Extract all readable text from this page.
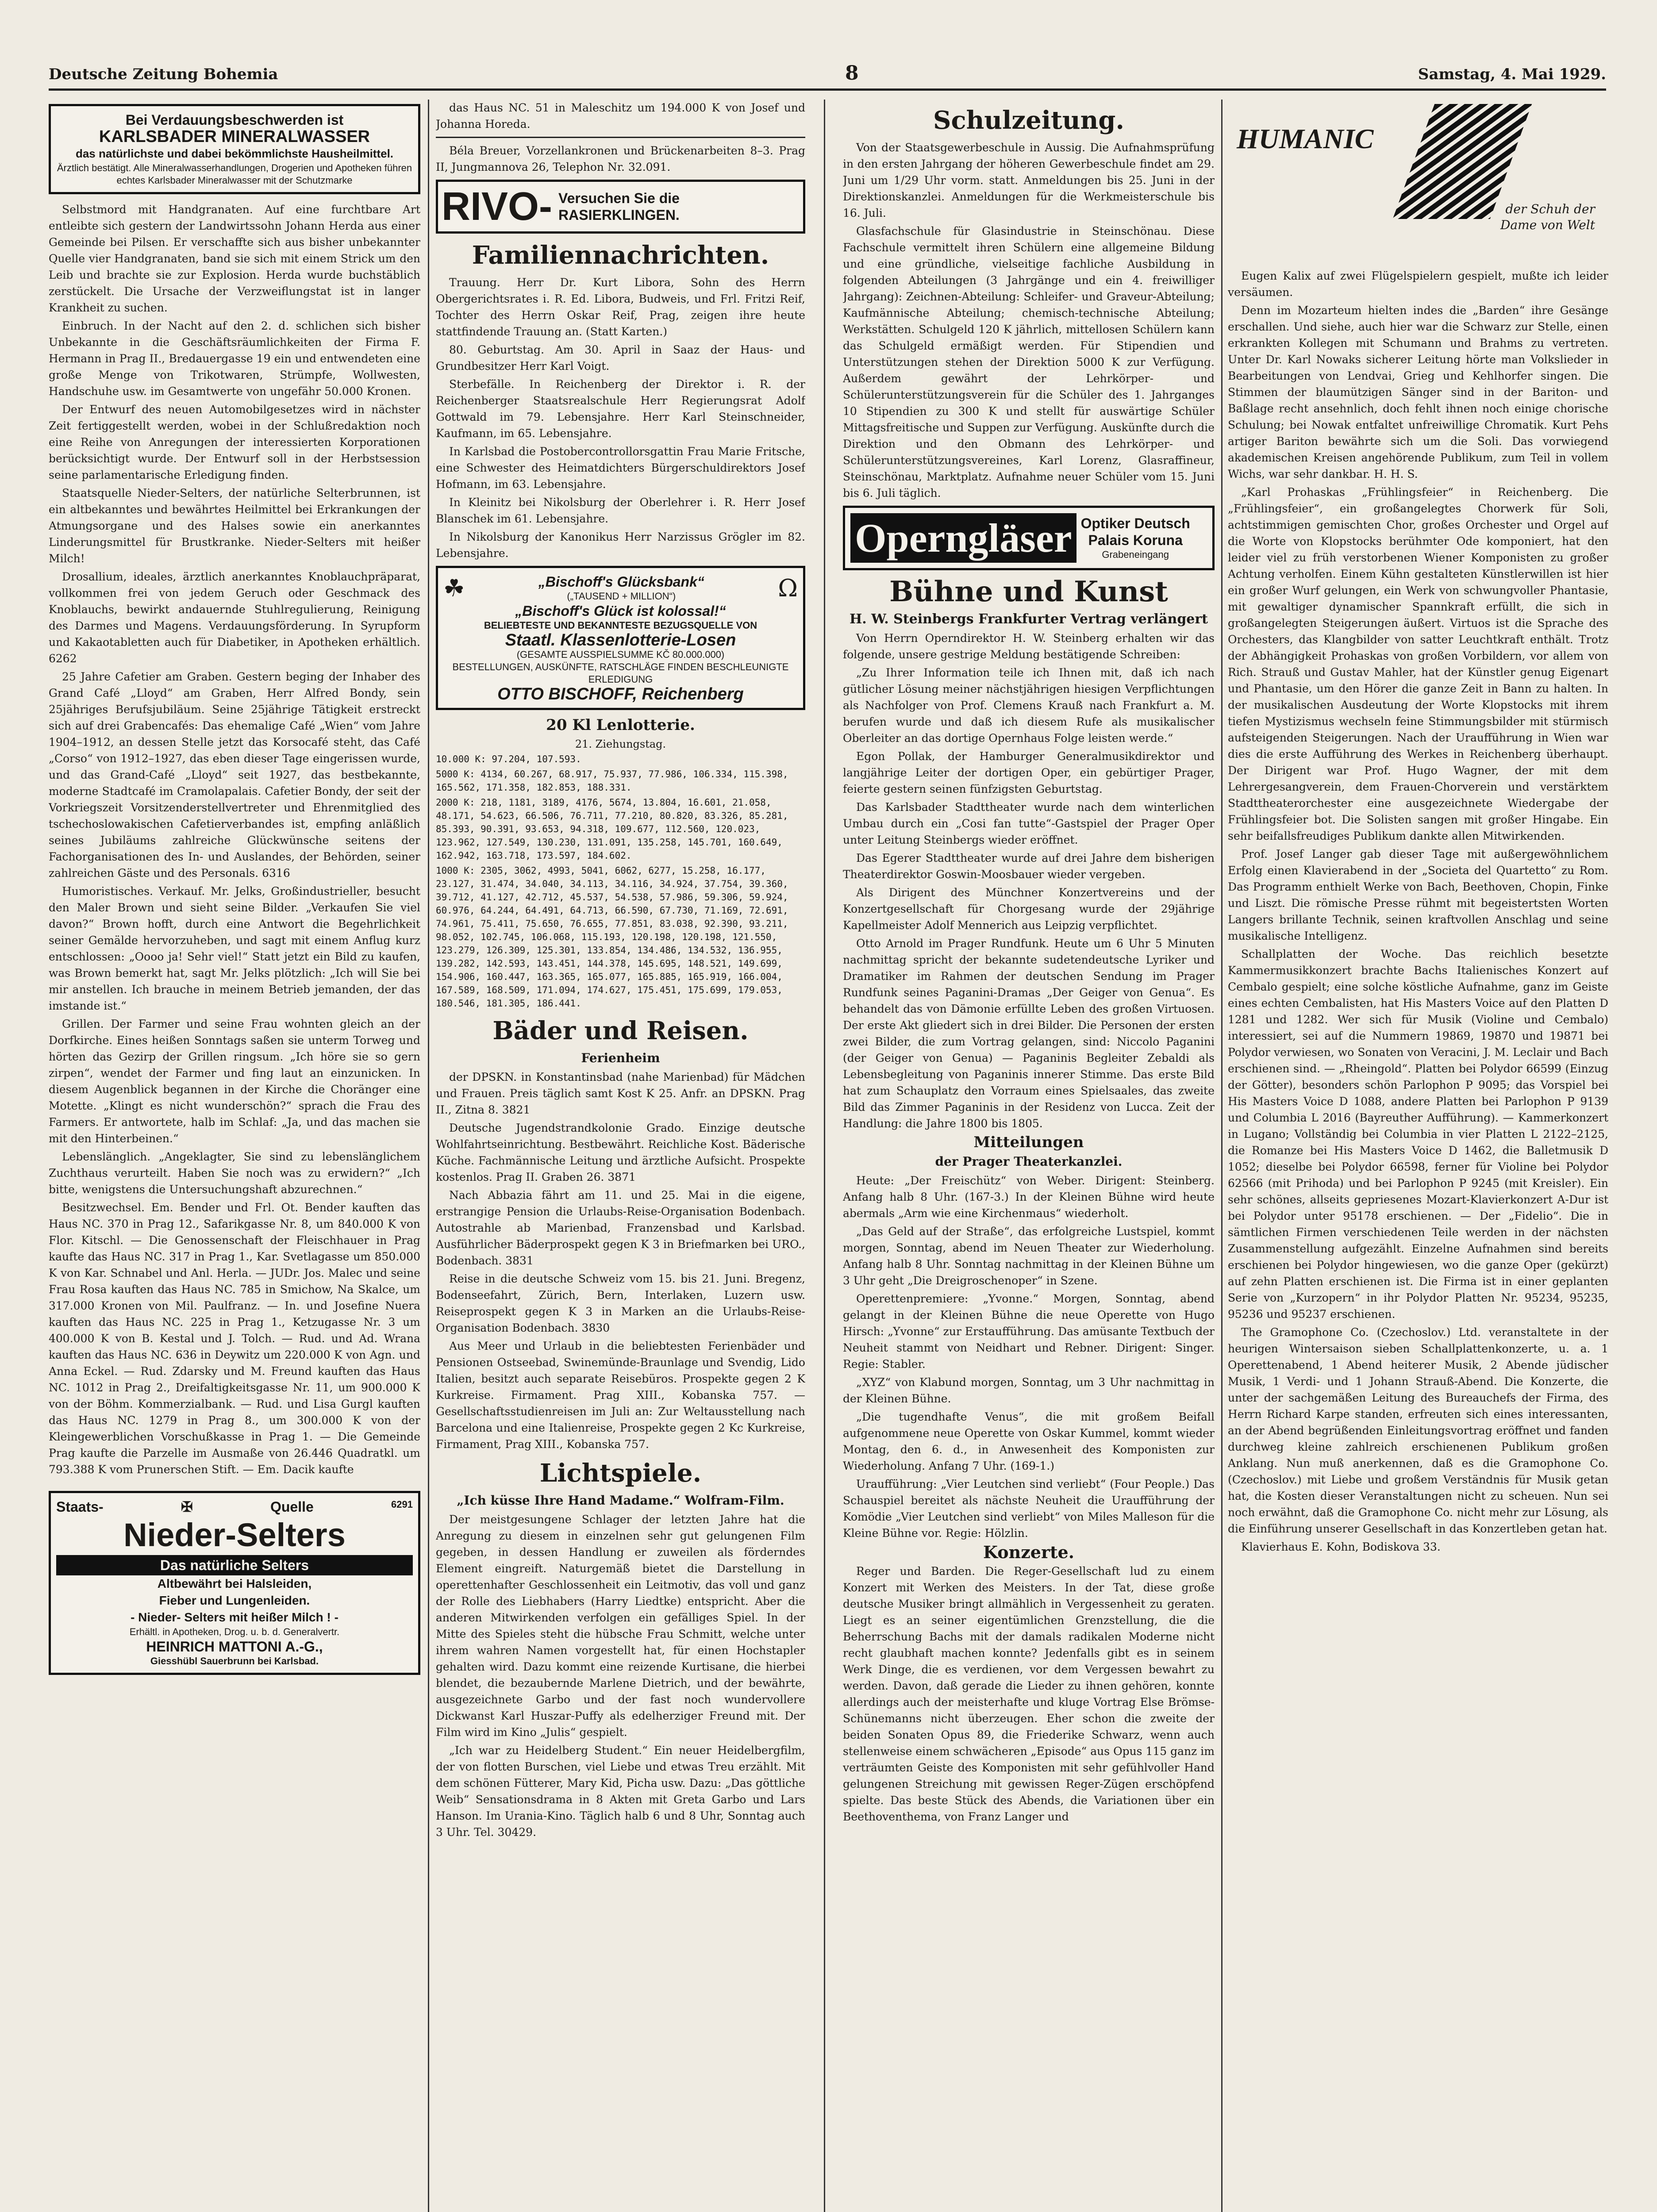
Deutsche Zeitung Bohemia	8	Samstag, 4. Mai 1929.
Bei Verdauungsbeschwerden ist
KARLSBADER MINERALWASSER
das natürlichste und dabei bekömmlichste Hausheilmittel.
Ärztlich bestätigt. Alle Mineralwasserhandlungen, Drogerien und Apotheken führen echtes Karlsbader Mineralwasser mit der Schutzmarke

Selbstmord mit Handgranaten. Auf eine furchtbare Art entleibte sich gestern der Landwirtssohn Johann Herda aus einer Gemeinde bei Pilsen. Er verschaffte sich aus bisher unbekannter Quelle vier Handgranaten, band sie sich mit einem Strick um den Leib und brachte sie zur Explosion. Herda wurde buchstäblich zerstückelt. Die Ursache der Verzweiflungstat ist in langer Krankheit zu suchen.

Einbruch. In der Nacht auf den 2. d. schlichen sich bisher Unbekannte in die Geschäftsräumlichkeiten der Firma F. Hermann in Prag II., Bredauergasse 19 ein und entwendeten eine große Menge von Trikotwaren, Strümpfe, Wollwesten, Handschuhe usw. im Gesamtwerte von ungefähr 50.000 Kronen.

Der Entwurf des neuen Automobilgesetzes wird in nächster Zeit fertiggestellt werden, wobei in der Schlußredaktion noch eine Reihe von Anregungen der interessierten Korporationen berücksichtigt wurde. Der Entwurf soll in der Herbstsession seine parlamentarische Erledigung finden.

Staatsquelle Nieder-Selters, der natürliche Selterbrunnen, ist ein altbekanntes und bewährtes Heilmittel bei Erkrankungen der Atmungsorgane und des Halses sowie ein anerkanntes Linderungsmittel für Brustkranke. Nieder-Selters mit heißer Milch!

Drosallium, ideales, ärztlich anerkanntes Knoblauchpräparat, vollkommen frei von jedem Geruch oder Geschmack des Knoblauchs, bewirkt andauernde Stuhlregulierung, Reinigung des Darmes und Magens. Verdauungsförderung. In Syrupform und Kakaotabletten auch für Diabetiker, in Apotheken erhältlich. 6262

25 Jahre Cafetier am Graben. Gestern beging der Inhaber des Grand Café „Lloyd“ am Graben, Herr Alfred Bondy, sein 25jähriges Berufsjubiläum. Seine 25jährige Tätigkeit erstreckt sich auf drei Grabencafés: Das ehemalige Café „Wien“ vom Jahre 1904–1912, an dessen Stelle jetzt das Korsocafé steht, das Café „Corso“ von 1912–1927, das eben dieser Tage eingerissen wurde, und das Grand-Café „Lloyd“ seit 1927, das bestbekannte, moderne Stadtcafé im Cramolapalais. Cafetier Bondy, der seit der Vorkriegszeit Vorsitzenderstellvertreter und Ehrenmitglied des tschechoslowakischen Cafetierverbandes ist, empfing anläßlich seines Jubiläums zahlreiche Glückwünsche seitens der Fachorganisationen des In- und Auslandes, der Behörden, seiner zahlreichen Gäste und des Personals. 6316

Humoristisches. Verkauf. Mr. Jelks, Großindustrieller, besucht den Maler Brown und sieht seine Bilder. „Verkaufen Sie viel davon?“ Brown hofft, durch eine Antwort die Begehrlichkeit seiner Gemälde hervorzuheben, und sagt mit einem Anflug kurz entschlossen: „Oooo ja! Sehr viel!“ Statt jetzt ein Bild zu kaufen, was Brown bemerkt hat, sagt Mr. Jelks plötzlich: „Ich will Sie bei mir anstellen. Ich brauche in meinem Betrieb jemanden, der das imstande ist.“

Grillen. Der Farmer und seine Frau wohnten gleich an der Dorfkirche. Eines heißen Sonntags saßen sie unterm Torweg und hörten das Gezirp der Grillen ringsum. „Ich höre sie so gern zirpen“, wendet der Farmer und fing laut an einzunicken. In diesem Augenblick begannen in der Kirche die Choränger eine Motette. „Klingt es nicht wunderschön?“ sprach die Frau des Farmers. Er antwortete, halb im Schlaf: „Ja, und das machen sie mit den Hinterbeinen.“

Lebenslänglich. „Angeklagter, Sie sind zu lebenslänglichem Zuchthaus verurteilt. Haben Sie noch was zu erwidern?“ „Ich bitte, wenigstens die Untersuchungshaft abzurechnen.“

Besitzwechsel. Em. Bender und Frl. Ot. Bender kauften das Haus NC. 370 in Prag 12., Safarikgasse Nr. 8, um 840.000 K von Flor. Kitschl. — Die Genossenschaft der Fleischhauer in Prag kaufte das Haus NC. 317 in Prag 1., Kar. Svetlagasse um 850.000 K von Kar. Schnabel und Anl. Herla. — JUDr. Jos. Malec und seine Frau Rosa kauften das Haus NC. 785 in Smichow, Na Skalce, um 317.000 Kronen von Mil. Paulfranz. — In. und Josefine Nuera kauften das Haus NC. 225 in Prag 1., Ketzugasse Nr. 3 um 400.000 K von B. Kestal und J. Tolch. — Rud. und Ad. Wrana kauften das Haus NC. 636 in Deywitz um 220.000 K von Agn. und Anna Eckel. — Rud. Zdarsky und M. Freund kauften das Haus NC. 1012 in Prag 2., Dreifaltigkeitsgasse Nr. 11, um 900.000 K von der Böhm. Kommerzialbank. — Rud. und Lisa Gurgl kauften das Haus NC. 1279 in Prag 8., um 300.000 K von der Kleingewerblichen Vorschußkasse in Prag 1. — Die Gemeinde Prag kaufte die Parzelle im Ausmaße von 26.446 Quadratkl. um 793.388 K vom Prunerschen Stift. — Em. Dacik kaufte

Staats-	✠	Quelle	6291
Nieder-Selters
Das natürliche Selters
Altbewährt bei Halsleiden,
Fieber und Lungenleiden.
- Nieder- Selters mit heißer Milch ! -
Erhältl. in Apotheken, Drog. u. b. d. Generalvertr.
HEINRICH MATTONI A.-G.,
Giesshübl Sauerbrunn bei Karlsbad.

das Haus NC. 51 in Maleschitz um 194.000 K von Josef und Johanna Horeda.

Béla Breuer, Vorzellankronen und Brückenarbeiten 8–3. Prag II, Jungmannova 26, Telephon Nr. 32.091.

RIVO- Versuchen Sie die
RASIERKLINGEN.
Familiennachrichten.

Trauung. Herr Dr. Kurt Libora, Sohn des Herrn Obergerichtsrates i. R. Ed. Libora, Budweis, und Frl. Fritzi Reif, Tochter des Herrn Oskar Reif, Prag, zeigen ihre heute stattfindende Trauung an. (Statt Karten.)

80. Geburtstag. Am 30. April in Saaz der Haus- und Grundbesitzer Herr Karl Voigt.

Sterbefälle. In Reichenberg der Direktor i. R. der Reichenberger Staatsrealschule Herr Regierungsrat Adolf Gottwald im 79. Lebensjahre. Herr Karl Steinschneider, Kaufmann, im 65. Lebensjahre.

In Karlsbad die Postobercontrollorsgattin Frau Marie Fritsche, eine Schwester des Heimatdichters Bürgerschuldirektors Josef Hofmann, im 63. Lebensjahre.

In Kleinitz bei Nikolsburg der Oberlehrer i. R. Herr Josef Blanschek im 61. Lebensjahre.

In Nikolsburg der Kanonikus Herr Narzissus Grögler im 82. Lebensjahre.

☘	„Bischoff's Glücksbank“
(„TAUSEND + MILLION“)	Ω
„Bischoff's Glück ist kolossal!“
BELIEBTESTE UND BEKANNTESTE BEZUGSQUELLE VON
Staatl. Klassenlotterie-Losen
(GESAMTE AUSSPIELSUMME KČ 80.000.000)
BESTELLUNGEN, AUSKÜNFTE, RATSCHLÄGE FINDEN BESCHLEUNIGTE ERLEDIGUNG
OTTO BISCHOFF, Reichenberg
20 Kl Lenlotterie.
21. Ziehungstag.
10.000 K: 97.204, 107.593.
5000 K: 4134, 60.267, 68.917, 75.937, 77.986, 106.334, 115.398, 165.562, 171.358, 182.853, 188.331.
2000 K: 218, 1181, 3189, 4176, 5674, 13.804, 16.601, 21.058, 48.171, 54.623, 66.506, 76.711, 77.210, 80.820, 83.326, 85.281, 85.393, 90.391, 93.653, 94.318, 109.677, 112.560, 120.023, 123.962, 127.549, 130.230, 131.091, 135.258, 145.701, 160.649, 162.942, 163.718, 173.597, 184.602.
1000 K: 2305, 3062, 4993, 5041, 6062, 6277, 15.258, 16.177, 23.127, 31.474, 34.040, 34.113, 34.116, 34.924, 37.754, 39.360, 39.712, 41.127, 42.712, 45.537, 54.538, 57.986, 59.306, 59.924, 60.976, 64.244, 64.491, 64.713, 66.590, 67.730, 71.169, 72.691, 74.961, 75.411, 75.650, 76.655, 77.851, 83.038, 92.390, 93.211, 98.052, 102.745, 106.068, 115.193, 120.198, 120.198, 121.550, 123.279, 126.309, 125.301, 133.854, 134.486, 134.532, 136.955, 139.282, 142.593, 143.451, 144.378, 145.695, 148.521, 149.699, 154.906, 160.447, 163.365, 165.077, 165.885, 165.919, 166.004, 167.589, 168.509, 171.094, 174.627, 175.451, 175.699, 179.053, 180.546, 181.305, 186.441.
Bäder und Reisen.
Ferienheim

der DPSKN. in Konstantinsbad (nahe Marienbad) für Mädchen und Frauen. Preis täglich samt Kost K 25. Anfr. an DPSKN. Prag II., Zitna 8. 3821

Deutsche Jugendstrandkolonie Grado. Einzige deutsche Wohlfahrtseinrichtung. Bestbewährt. Reichliche Kost. Bäderische Küche. Fachmännische Leitung und ärztliche Aufsicht. Prospekte kostenlos. Prag II. Graben 26. 3871

Nach Abbazia fährt am 11. und 25. Mai in die eigene, erstrangige Pension die Urlaubs-Reise-Organisation Bodenbach. Autostrahle ab Marienbad, Franzensbad und Karlsbad. Ausführlicher Bäderprospekt gegen K 3 in Briefmarken bei URO., Bodenbach. 3831

Reise in die deutsche Schweiz vom 15. bis 21. Juni. Bregenz, Bodenseefahrt, Zürich, Bern, Interlaken, Luzern usw. Reiseprospekt gegen K 3 in Marken an die Urlaubs-Reise-Organisation Bodenbach. 3830

Aus Meer und Urlaub in die beliebtesten Ferienbäder und Pensionen Ostseebad, Swinemünde-Braunlage und Svendig, Lido Italien, besitzt auch separate Reisebüros. Prospekte gegen 2 K Kurkreise. Firmament. Prag XIII., Kobanska 757. — Gesellschaftsstudienreisen im Juli an: Zur Weltausstellung nach Barcelona und eine Italienreise, Prospekte gegen 2 Kc Kurkreise, Firmament, Prag XIII., Kobanska 757.

Lichtspiele.
„Ich küsse Ihre Hand Madame.“ Wolfram-Film.

Der meistgesungene Schlager der letzten Jahre hat die Anregung zu diesem in einzelnen sehr gut gelungenen Film gegeben, in dessen Handlung er zuweilen als förderndes Element eingreift. Naturgemäß bietet die Darstellung in operettenhafter Geschlossenheit ein Leitmotiv, das voll und ganz der Rolle des Liebhabers (Harry Liedtke) entspricht. Aber die anderen Mitwirkenden verfolgen ein gefälliges Spiel. In der Mitte des Spieles steht die hübsche Frau Schmitt, welche unter ihrem wahren Namen vorgestellt hat, für einen Hochstapler gehalten wird. Dazu kommt eine reizende Kurtisane, die hierbei blendet, die bezaubernde Marlene Dietrich, und der bewährte, ausgezeichnete Garbo und der fast noch wundervollere Dickwanst Karl Huszar-Puffy als edelherziger Freund mit. Der Film wird im Kino „Julis“ gespielt.

„Ich war zu Heidelberg Student.“ Ein neuer Heidelbergfilm, der von flotten Burschen, viel Liebe und etwas Treu erzählt. Mit dem schönen Fütterer, Mary Kid, Picha usw. Dazu: „Das göttliche Weib“ Sensationsdrama in 8 Akten mit Greta Garbo und Lars Hanson. Im Urania-Kino. Täglich halb 6 und 8 Uhr, Sonntag auch 3 Uhr. Tel. 30429.

Schulzeitung.

Von der Staatsgewerbeschule in Aussig. Die Aufnahmsprüfung in den ersten Jahrgang der höheren Gewerbeschule findet am 29. Juni um 1/29 Uhr vorm. statt. Anmeldungen bis 25. Juni in der Direktionskanzlei. Anmeldungen für die Werkmeisterschule bis 16. Juli.

Glasfachschule für Glasindustrie in Steinschönau. Diese Fachschule vermittelt ihren Schülern eine allgemeine Bildung und eine gründliche, vielseitige fachliche Ausbildung in folgenden Abteilungen (3 Jahrgänge und ein 4. freiwilliger Jahrgang): Zeichnen-Abteilung: Schleifer- und Graveur-Abteilung; Kaufmännische Abteilung; chemisch-technische Abteilung; Werkstätten. Schulgeld 120 K jährlich, mittellosen Schülern kann das Schulgeld ermäßigt werden. Für Stipendien und Unterstützungen stehen der Direktion 5000 K zur Verfügung. Außerdem gewährt der Lehrkörper- und Schülerunterstützungsverein für die Schüler des 1. Jahrganges 10 Stipendien zu 300 K und stellt für auswärtige Schüler Mittagsfreitische und Suppen zur Verfügung. Auskünfte durch die Direktion und den Obmann des Lehrkörper- und Schülerunterstützungsvereines, Karl Lorenz, Glasraffineur, Steinschönau, Marktplatz. Aufnahme neuer Schüler vom 15. Juni bis 6. Juli täglich.

Operngläser Optiker Deutsch
Palais Koruna
Grabeneingang
Bühne und Kunst
H. W. Steinbergs Frankfurter Vertrag verlängert

Von Herrn Operndirektor H. W. Steinberg erhalten wir das folgende, unsere gestrige Meldung bestätigende Schreiben:

„Zu Ihrer Information teile ich Ihnen mit, daß ich nach gütlicher Lösung meiner nächstjährigen hiesigen Verpflichtungen als Nachfolger von Prof. Clemens Krauß nach Frankfurt a. M. berufen wurde und daß ich diesem Rufe als musikalischer Oberleiter an das dortige Opernhaus Folge leisten werde.“

Egon Pollak, der Hamburger Generalmusikdirektor und langjährige Leiter der dortigen Oper, ein gebürtiger Prager, feierte gestern seinen fünfzigsten Geburtstag.

Das Karlsbader Stadttheater wurde nach dem winterlichen Umbau durch ein „Cosi fan tutte“-Gastspiel der Prager Oper unter Leitung Steinbergs wieder eröffnet.

Das Egerer Stadttheater wurde auf drei Jahre dem bisherigen Theaterdirektor Goswin-Moosbauer wieder vergeben.

Als Dirigent des Münchner Konzertvereins und der Konzertgesellschaft für Chorgesang wurde der 29jährige Kapellmeister Adolf Mennerich aus Leipzig verpflichtet.

Otto Arnold im Prager Rundfunk. Heute um 6 Uhr 5 Minuten nachmittag spricht der bekannte sudetendeutsche Lyriker und Dramatiker im Rahmen der deutschen Sendung im Prager Rundfunk seines Paganini-Dramas „Der Geiger von Genua“. Es behandelt das von Dämonie erfüllte Leben des großen Virtuosen. Der erste Akt gliedert sich in drei Bilder. Die Personen der ersten zwei Bilder, die zum Vortrag gelangen, sind: Niccolo Paganini (der Geiger von Genua) — Paganinis Begleiter Zebaldi als Lebensbegleitung von Paganinis innerer Stimme. Das erste Bild hat zum Schauplatz den Vorraum eines Spielsaales, das zweite Bild das Zimmer Paganinis in der Residenz von Lucca. Zeit der Handlung: die Jahre 1800 bis 1805.

Mitteilungen
der Prager Theaterkanzlei.

Heute: „Der Freischütz“ von Weber. Dirigent: Steinberg. Anfang halb 8 Uhr. (167-3.) In der Kleinen Bühne wird heute abermals „Arm wie eine Kirchenmaus“ wiederholt.

„Das Geld auf der Straße“, das erfolgreiche Lustspiel, kommt morgen, Sonntag, abend im Neuen Theater zur Wiederholung. Anfang halb 8 Uhr. Sonntag nachmittag in der Kleinen Bühne um 3 Uhr geht „Die Dreigroschenoper“ in Szene.

Operettenpremiere: „Yvonne.“ Morgen, Sonntag, abend gelangt in der Kleinen Bühne die neue Operette von Hugo Hirsch: „Yvonne“ zur Erstaufführung. Das amüsante Textbuch der Neuheit stammt von Neidhart und Rebner. Dirigent: Singer. Regie: Stabler.

„XYZ“ von Klabund morgen, Sonntag, um 3 Uhr nachmittag in der Kleinen Bühne.

„Die tugendhafte Venus“, die mit großem Beifall aufgenommene neue Operette von Oskar Kummel, kommt wieder Montag, den 6. d., in Anwesenheit des Komponisten zur Wiederholung. Anfang 7 Uhr. (169-1.)

Uraufführung: „Vier Leutchen sind verliebt“ (Four People.) Das Schauspiel bereitet als nächste Neuheit die Uraufführung der Komödie „Vier Leutchen sind verliebt“ von Miles Malleson für die Kleine Bühne vor. Regie: Hölzlin.

Konzerte.

Reger und Barden. Die Reger-Gesellschaft lud zu einem Konzert mit Werken des Meisters. In der Tat, diese große deutsche Musiker bringt allmählich in Vergessenheit zu geraten. Liegt es an seiner eigentümlichen Grenzstellung, die die Beherrschung Bachs mit der damals radikalen Moderne nicht recht glaubhaft machen konnte? Jedenfalls gibt es in seinem Werk Dinge, die es verdienen, vor dem Vergessen bewahrt zu werden. Davon, daß gerade die Lieder zu ihnen gehören, konnte allerdings auch der meisterhafte und kluge Vortrag Else Brömse-Schünemanns nicht überzeugen. Eher schon die zweite der beiden Sonaten Opus 89, die Friederike Schwarz, wenn auch stellenweise einem schwächeren „Episode“ aus Opus 115 ganz im verträumten Geiste des Komponisten mit sehr gefühlvoller Hand gelungenen Streichung mit gewissen Reger-Zügen erschöpfend spielte. Das beste Stück des Abends, die Variationen über ein Beethoventhema, von Franz Langer und

HUMANIC
der Schuh der
Dame von Welt

Eugen Kalix auf zwei Flügelspielern gespielt, mußte ich leider versäumen.

Denn im Mozarteum hielten indes die „Barden“ ihre Gesänge erschallen. Und siehe, auch hier war die Schwarz zur Stelle, einen erkrankten Kollegen mit Schumann und Brahms zu vertreten. Unter Dr. Karl Nowaks sicherer Leitung hörte man Volkslieder in Bearbeitungen von Lendvai, Grieg und Kehlhorfer singen. Die Stimmen der blaumützigen Sänger sind in der Bariton- und Baßlage recht ansehnlich, doch fehlt ihnen noch einige chorische Schulung; bei Nowak entfaltet unfreiwillige Chromatik. Kurt Pehs artiger Bariton bewährte sich um die Soli. Das vorwiegend akademischen Kreisen angehörende Publikum, zum Teil in vollem Wichs, war sehr dankbar. H. H. S.

„Karl Prohaskas „Frühlingsfeier“ in Reichenberg. Die „Frühlingsfeier“, ein großangelegtes Chorwerk für Soli, achtstimmigen gemischten Chor, großes Orchester und Orgel auf die Worte von Klopstocks berühmter Ode komponiert, hat den leider viel zu früh verstorbenen Wiener Komponisten zu großer Achtung verholfen. Einem Kühn gestalteten Künstlerwillen ist hier ein großer Wurf gelungen, ein Werk von schwungvoller Phantasie, mit gewaltiger dynamischer Spannkraft erfüllt, die sich in großangelegten Steigerungen äußert. Virtuos ist die Sprache des Orchesters, das Klangbilder von satter Leuchtkraft enthält. Trotz der Abhängigkeit Prohaskas von großen Vorbildern, vor allem von Rich. Strauß und Gustav Mahler, hat der Künstler genug Eigenart und Phantasie, um den Hörer die ganze Zeit in Bann zu halten. In der musikalischen Ausdeutung der Worte Klopstocks mit ihrem tiefen Mystizismus wechseln feine Stimmungsbilder mit stürmisch aufsteigenden Steigerungen. Nach der Uraufführung in Wien war dies die erste Aufführung des Werkes in Reichenberg überhaupt. Der Dirigent war Prof. Hugo Wagner, der mit dem Lehrergesangverein, dem Frauen-Chorverein und verstärktem Stadttheaterorchester eine ausgezeichnete Wiedergabe der Frühlingsfeier bot. Die Solisten sangen mit großer Hingabe. Ein sehr beifallsfreudiges Publikum dankte allen Mitwirkenden.

Prof. Josef Langer gab dieser Tage mit außergewöhnlichem Erfolg einen Klavierabend in der „Societa del Quartetto“ zu Rom. Das Programm enthielt Werke von Bach, Beethoven, Chopin, Finke und Liszt. Die römische Presse rühmt mit begeistertsten Worten Langers brillante Technik, seinen kraftvollen Anschlag und seine musikalische Intelligenz.

Schallplatten der Woche. Das reichlich besetzte Kammermusikkonzert brachte Bachs Italienisches Konzert auf Cembalo gespielt; eine solche köstliche Aufnahme, ganz im Geiste eines echten Cembalisten, hat His Masters Voice auf den Platten D 1281 und 1282. Wer sich für Musik (Violine und Cembalo) interessiert, sei auf die Nummern 19869, 19870 und 19871 bei Polydor verwiesen, wo Sonaten von Veracini, J. M. Leclair und Bach erschienen sind. — „Rheingold“. Platten bei Polydor 66599 (Einzug der Götter), besonders schön Parlophon P 9095; das Vorspiel bei His Masters Voice D 1088, andere Platten bei Parlophon P 9139 und Columbia L 2016 (Bayreuther Aufführung). — Kammerkonzert in Lugano; Vollständig bei Columbia in vier Platten L 2122–2125, die Romanze bei His Masters Voice D 1462, die Balletmusik D 1052; dieselbe bei Polydor 66598, ferner für Violine bei Polydor 62566 (mit Prihoda) und bei Parlophon P 9245 (mit Kreisler). Ein sehr schönes, allseits gepriesenes Mozart-Klavierkonzert A-Dur ist bei Polydor unter 95178 erschienen. — Der „Fidelio“. Die in sämtlichen Firmen verschiedenen Teile werden in der nächsten Zusammenstellung aufgezählt. Einzelne Aufnahmen sind bereits erschienen bei Polydor hingewiesen, wo die ganze Oper (gekürzt) auf zehn Platten erschienen ist. Die Firma ist in einer geplanten Serie von „Kurzopern“ in ihr Polydor Platten Nr. 95234, 95235, 95236 und 95237 erschienen.

The Gramophone Co. (Czechoslov.) Ltd. veranstaltete in der heurigen Wintersaison sieben Schallplattenkonzerte, u. a. 1 Operettenabend, 1 Abend heiterer Musik, 2 Abende jüdischer Musik, 1 Verdi- und 1 Johann Strauß-Abend. Die Konzerte, die unter der sachgemäßen Leitung des Bureauchefs der Firma, des Herrn Richard Karpe standen, erfreuten sich eines interessanten, an der Abend begrüßenden Einleitungsvortrag eröffnet und fanden durchweg kleine zahlreich erschienenen Publikum großen Anklang. Nun muß anerkennen, daß es die Gramophone Co. (Czechoslov.) mit Liebe und großem Verständnis für Musik getan hat, die Kosten dieser Veranstaltungen nicht zu scheuen. Nun sei noch erwähnt, daß die Gramophone Co. nicht mehr zur Lösung, als die Einführung unserer Gesellschaft in das Konzertleben getan hat.

Klavierhaus E. Kohn, Bodiskova 33.
